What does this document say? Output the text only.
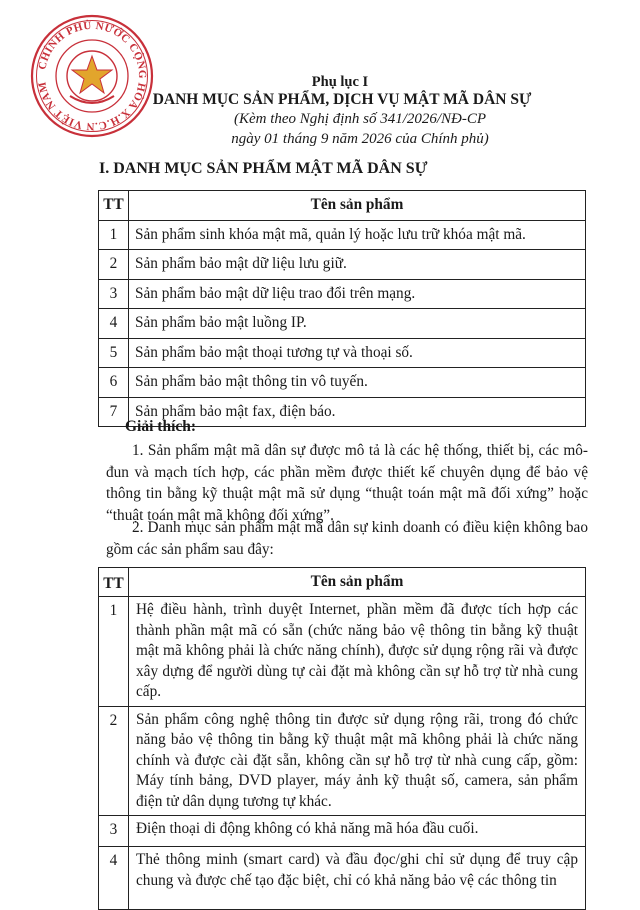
CHÍNH PHỦ NƯỚC CỘNG HÒA X.H.C.N VIỆT NAM	Phụ lục I
DANH MỤC SẢN PHẨM, DỊCH VỤ MẬT MÃ DÂN SỰ
(Kèm theo Nghị định số 341/2026/NĐ-CP
ngày 01 tháng 9 năm 2026 của Chính phủ)
I. DANH MỤC SẢN PHẨM MẬT MÃ DÂN SỰ
TT	Tên sản phẩm
1	Sản phẩm sinh khóa mật mã, quản lý hoặc lưu trữ khóa mật mã.
2	Sản phẩm bảo mật dữ liệu lưu giữ.
3	Sản phẩm bảo mật dữ liệu trao đổi trên mạng.
4	Sản phẩm bảo mật luồng IP.
5	Sản phẩm bảo mật thoại tương tự và thoại số.
6	Sản phẩm bảo mật thông tin vô tuyến.
7	Sản phẩm bảo mật fax, điện báo.
Giải thích:
1. Sản phẩm mật mã dân sự được mô tả là các hệ thống, thiết bị, các mô-đun và mạch tích hợp, các phần mềm được thiết kế chuyên dụng để bảo vệ thông tin bằng kỹ thuật mật mã sử dụng “thuật toán mật mã đối xứng” hoặc “thuật toán mật mã không đối xứng”.
2. Danh mục sản phẩm mật mã dân sự kinh doanh có điều kiện không bao gồm các sản phẩm sau đây:
TT	Tên sản phẩm
1	Hệ điều hành, trình duyệt Internet, phần mềm đã được tích hợp các thành phần mật mã có sẵn (chức năng bảo vệ thông tin bằng kỹ thuật mật mã không phải là chức năng chính), được sử dụng rộng rãi và được xây dựng để người dùng tự cài đặt mà không cần sự hỗ trợ từ nhà cung cấp.
2	Sản phẩm công nghệ thông tin được sử dụng rộng rãi, trong đó chức năng bảo vệ thông tin bằng kỹ thuật mật mã không phải là chức năng chính và được cài đặt sẵn, không cần sự hỗ trợ từ nhà cung cấp, gồm: Máy tính bảng, DVD player, máy ảnh kỹ thuật số, camera, sản phẩm điện tử dân dụng tương tự khác.
3	Điện thoại di động không có khả năng mã hóa đầu cuối.
4	Thẻ thông minh (smart card) và đầu đọc/ghi chỉ sử dụng để truy cập chung và được chế tạo đặc biệt, chỉ có khả năng bảo vệ các thông tin
